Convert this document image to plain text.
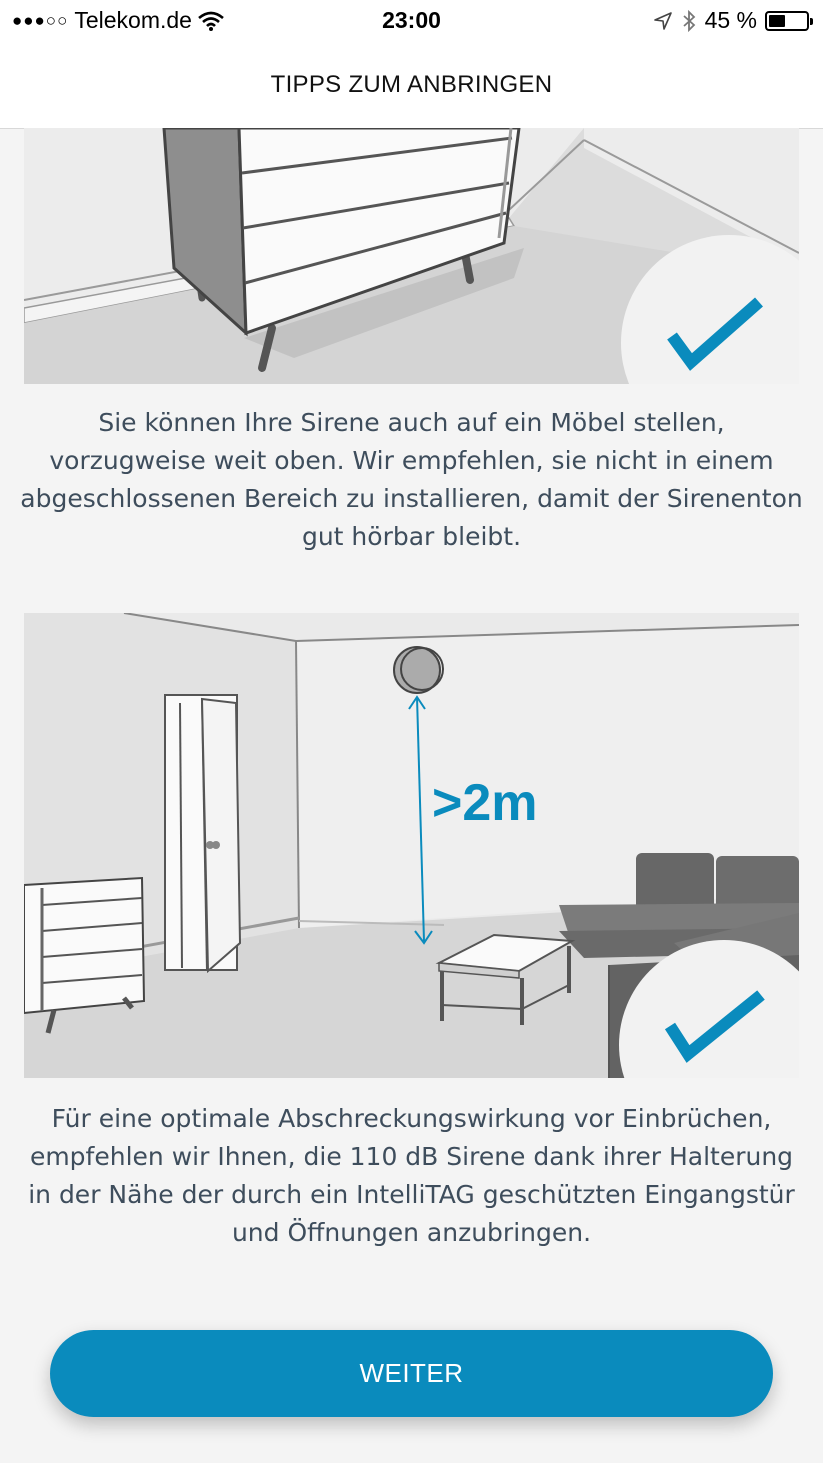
●●●○○ Telekom.de	23:00	45 %
TIPPS ZUM ANBRINGEN

Sie können Ihre Sirene auch auf ein Möbel stellen, vorzugweise weit oben. Wir empfehlen, sie nicht in einem abgeschlossenen Bereich zu installieren, damit der Sirenenton gut hörbar bleibt.

>2m

Für eine optimale Abschreckungswirkung vor Einbrüchen, empfehlen wir Ihnen, die 110 dB Sirene dank ihrer Halterung in der Nähe der durch ein IntelliTAG geschützten Eingangstür und Öffnungen anzubringen.

WEITER
